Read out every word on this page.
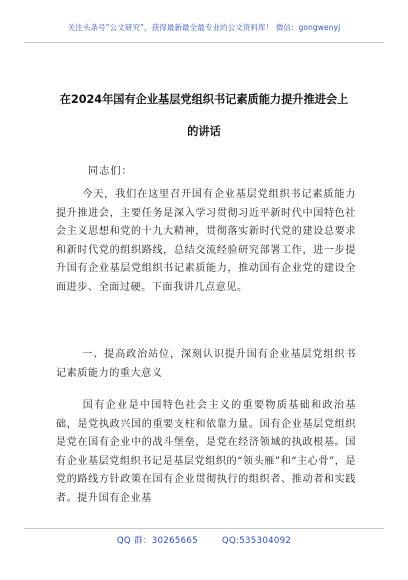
关注头条号“公文研究”，获得最新最全最专业的公文资料库！ 微信：gongwenyj
在2024年国有企业基层党组织书记素质能力提升推进会上
的讲话
同志们：
今天，我们在这里召开国有企业基层党组织书记素质能力提升推进会，主要任务是深入学习贯彻习近平新时代中国特色社会主义思想和党的十九大精神，贯彻落实新时代党的建设总要求和新时代党的组织路线，总结交流经验研究部署工作，进一步提升国有企业基层党组织书记素质能力，推动国有企业党的建设全面进步、全面过硬。下面我讲几点意见。
一、提高政治站位，深刻认识提升国有企业基层党组织书记素质能力的重大意义
国有企业是中国特色社会主义的重要物质基础和政治基础，是党执政兴国的重要支柱和依靠力量。国有企业基层党组织是党在国有企业中的战斗堡垒，是党在经济领域的执政根基。国有企业基层党组织书记是基层党组织的“领头雁”和“主心骨”，是党的路线方针政策在国有企业贯彻执行的组织者、推动者和实践者。提升国有企业基
QQ 群：30265665	QQ:535304092
